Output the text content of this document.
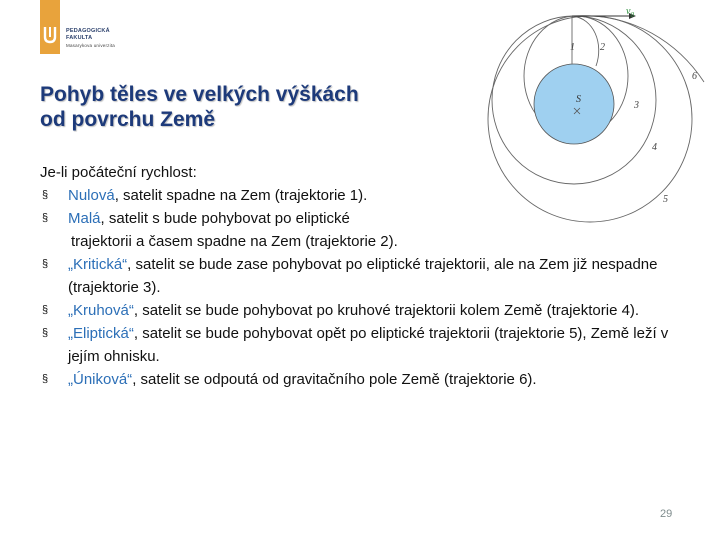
PEDAGOGICKÁ
FAKULTA
Masarykova univerzita
Pohyb těles ve velkých výškách
od povrchu Země
$v_0$
S
1	2
3
4
5
6

Je-li počáteční rychlost:

§ Nulová, satelit spadne na Zem (trajektorie 1).
§ Malá, satelit s bude pohybovat po eliptické
trajektorii a časem spadne na Zem (trajektorie 2).
§ „Kritická“, satelit se bude zase pohybovat po eliptické trajektorii, ale na Zem již nespadne (trajektorie 3).
§ „Kruhová“, satelit se bude pohybovat po kruhové trajektorii kolem Země (trajektorie 4).
§ „Eliptická“, satelit se bude pohybovat opět po eliptické trajektorii (trajektorie 5), Země leží v jejím ohnisku.
§ „Úniková“, satelit se odpoutá od gravitačního pole Země (trajektorie 6).
29
